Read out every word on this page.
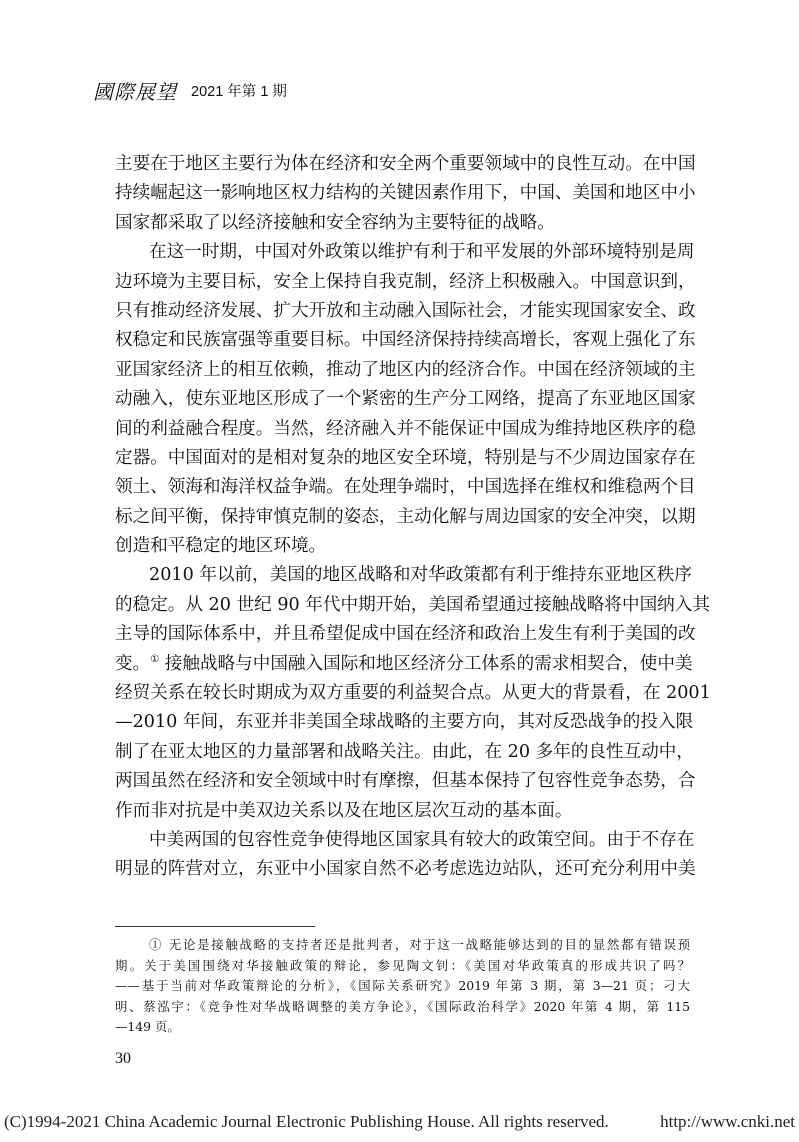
國際展望 2021 年第 1 期
主要在于地区主要行为体在经济和安全两个重要领域中的良性互动。在中国
持续崛起这一影响地区权力结构的关键因素作用下，中国、美国和地区中小
国家都采取了以经济接触和安全容纳为主要特征的战略。
在这一时期，中国对外政策以维护有利于和平发展的外部环境特别是周
边环境为主要目标，安全上保持自我克制，经济上积极融入。中国意识到，
只有推动经济发展、扩大开放和主动融入国际社会，才能实现国家安全、政
权稳定和民族富强等重要目标。中国经济保持持续高增长，客观上强化了东
亚国家经济上的相互依赖，推动了地区内的经济合作。中国在经济领域的主
动融入，使东亚地区形成了一个紧密的生产分工网络，提高了东亚地区国家
间的利益融合程度。当然，经济融入并不能保证中国成为维持地区秩序的稳
定器。中国面对的是相对复杂的地区安全环境，特别是与不少周边国家存在
领土、领海和海洋权益争端。在处理争端时，中国选择在维权和维稳两个目
标之间平衡，保持审慎克制的姿态，主动化解与周边国家的安全冲突，以期
创造和平稳定的地区环境。
2010 年以前，美国的地区战略和对华政策都有利于维持东亚地区秩序
的稳定。从 20 世纪 90 年代中期开始，美国希望通过接触战略将中国纳入其
主导的国际体系中，并且希望促成中国在经济和政治上发生有利于美国的改
变。① 接触战略与中国融入国际和地区经济分工体系的需求相契合，使中美
经贸关系在较长时期成为双方重要的利益契合点。从更大的背景看，在 2001
—2010 年间，东亚并非美国全球战略的主要方向，其对反恐战争的投入限
制了在亚太地区的力量部署和战略关注。由此，在 20 多年的良性互动中，
两国虽然在经济和安全领域中时有摩擦，但基本保持了包容性竞争态势，合
作而非对抗是中美双边关系以及在地区层次互动的基本面。
中美两国的包容性竞争使得地区国家具有较大的政策空间。由于不存在
明显的阵营对立，东亚中小国家自然不必考虑选边站队，还可充分利用中美
① 无论是接触战略的支持者还是批判者，对于这一战略能够达到的目的显然都有错误预
期。关于美国围绕对华接触政策的辩论，参见陶文钊：《美国对华政策真的形成共识了吗？
——基于当前对华政策辩论的分析》，《国际关系研究》2019 年第 3 期，第 3—21 页；刁大
明、蔡泓宇：《竞争性对华战略调整的美方争论》，《国际政治科学》2020 年第 4 期，第 115
—149 页。
30
(C)1994-2021 China Academic Journal Electronic Publishing House. All rights reserved.	http://www.cnki.net
